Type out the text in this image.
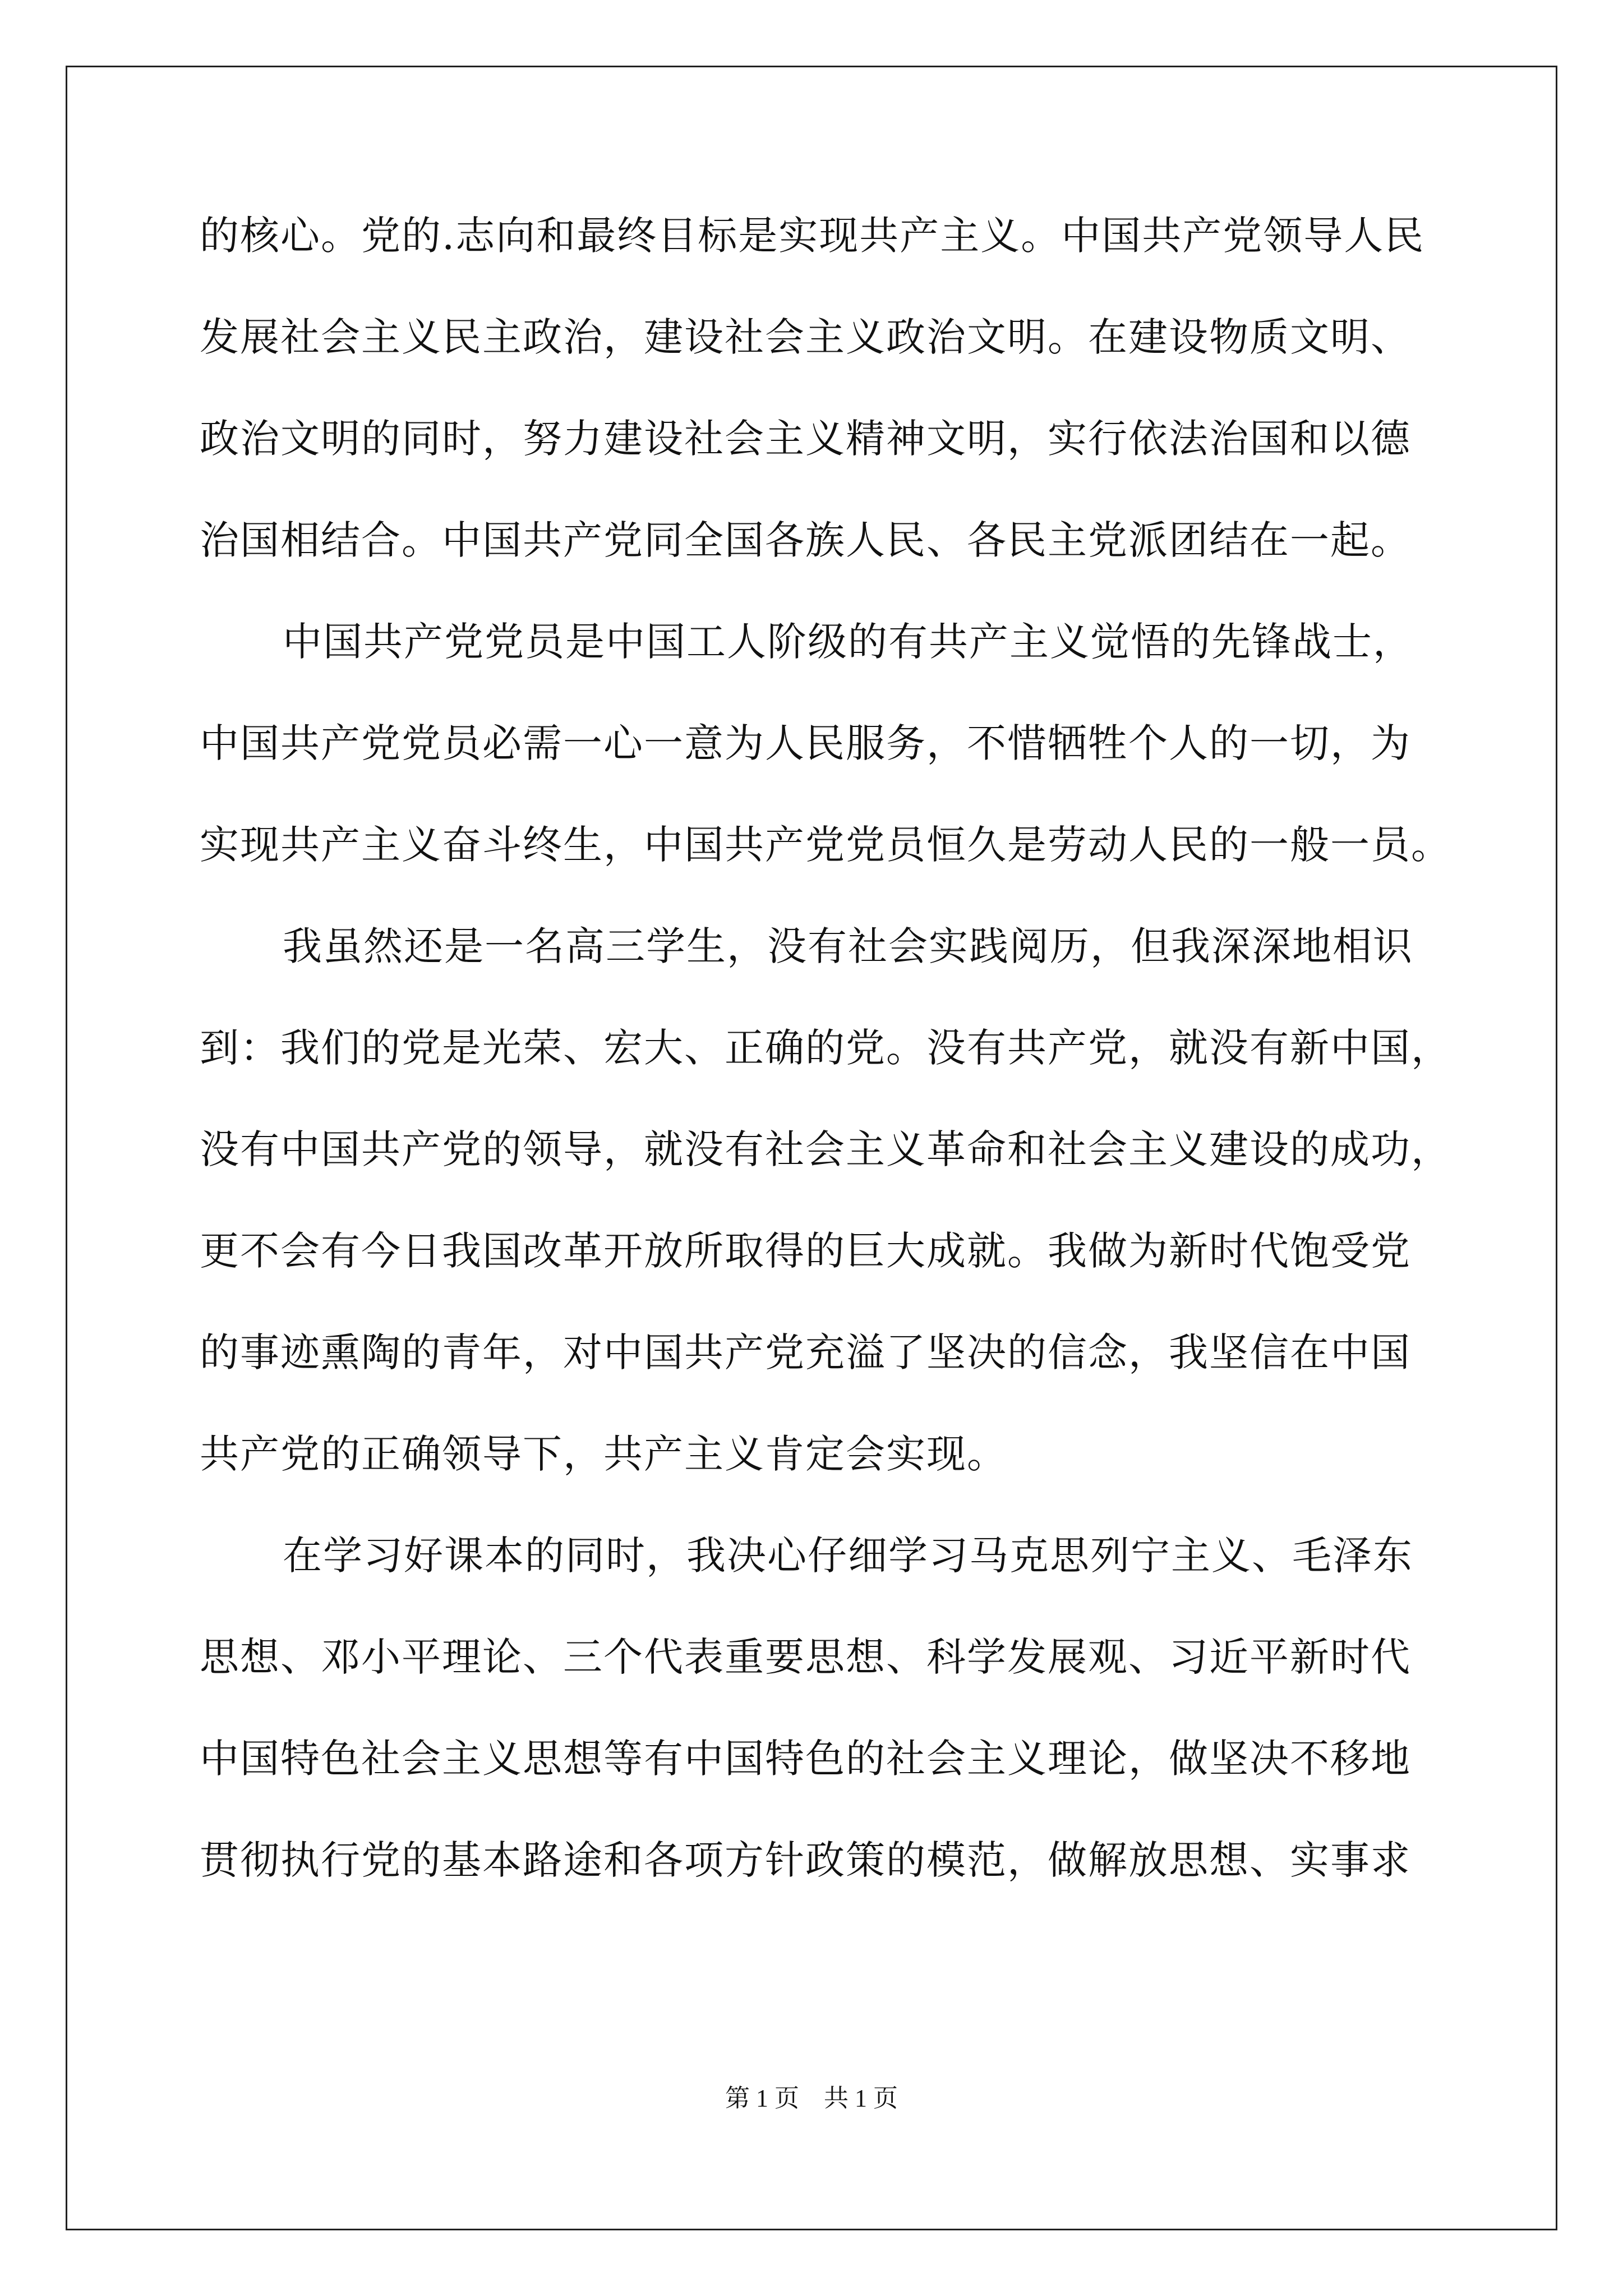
的核心。党的.志向和最终目标是实现共产主义。中国共产党领导人民
发展社会主义民主政治，建设社会主义政治文明。在建设物质文明、
政治文明的同时，努力建设社会主义精神文明，实行依法治国和以德
治国相结合。中国共产党同全国各族人民、各民主党派团结在一起。
中国共产党党员是中国工人阶级的有共产主义觉悟的先锋战士，
中国共产党党员必需一心一意为人民服务，不惜牺牲个人的一切，为
实现共产主义奋斗终生，中国共产党党员恒久是劳动人民的一般一员。
我虽然还是一名高三学生，没有社会实践阅历，但我深深地相识
到：我们的党是光荣、宏大、正确的党。没有共产党，就没有新中国，
没有中国共产党的领导，就没有社会主义革命和社会主义建设的成功，
更不会有今日我国改革开放所取得的巨大成就。我做为新时代饱受党
的事迹熏陶的青年，对中国共产党充溢了坚决的信念，我坚信在中国
共产党的正确领导下，共产主义肯定会实现。
在学习好课本的同时，我决心仔细学习马克思列宁主义、毛泽东
思想、邓小平理论、三个代表重要思想、科学发展观、习近平新时代
中国特色社会主义思想等有中国特色的社会主义理论，做坚决不移地
贯彻执行党的基本路途和各项方针政策的模范，做解放思想、实事求
第 1 页    共 1 页
